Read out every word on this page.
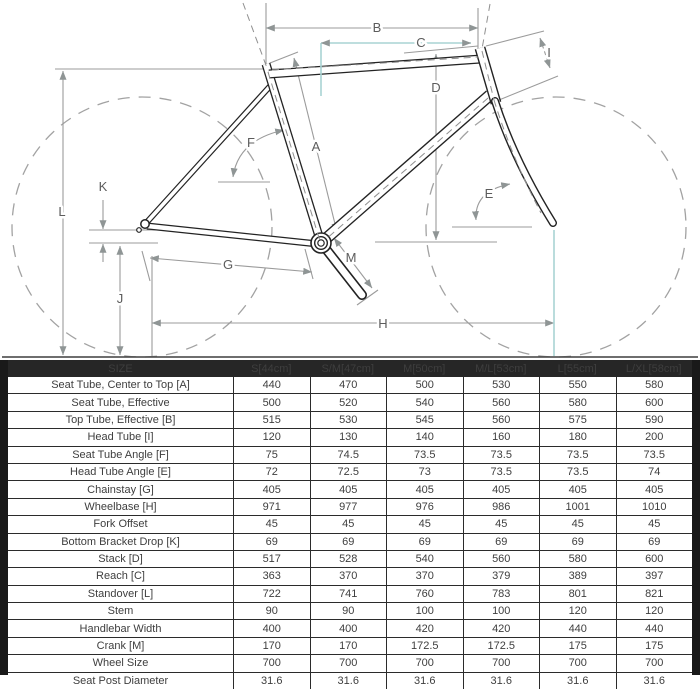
A
B
C
D
E
F
G
H
I
J
K
L
M
SIZE	S[44cm]	S/M[47cm]	M[50cm]	M/L[53cm]	L[55cm]	L/XL[58cm]
Seat Tube, Center to Top [A]	440	470	500	530	550	580
Seat Tube, Effective	500	520	540	560	580	600
Top Tube, Effective [B]	515	530	545	560	575	590
Head Tube [I]	120	130	140	160	180	200
Seat Tube Angle [F]	75	74.5	73.5	73.5	73.5	73.5
Head Tube Angle [E]	72	72.5	73	73.5	73.5	74
Chainstay [G]	405	405	405	405	405	405
Wheelbase [H]	971	977	976	986	1001	1010
Fork Offset	45	45	45	45	45	45
Bottom Bracket Drop [K]	69	69	69	69	69	69
Stack [D]	517	528	540	560	580	600
Reach [C]	363	370	370	379	389	397
Standover [L]	722	741	760	783	801	821
Stem	90	90	100	100	120	120
Handlebar Width	400	400	420	420	440	440
Crank [M]	170	170	172.5	172.5	175	175
Wheel Size	700	700	700	700	700	700
Seat Post Diameter	31.6	31.6	31.6	31.6	31.6	31.6
